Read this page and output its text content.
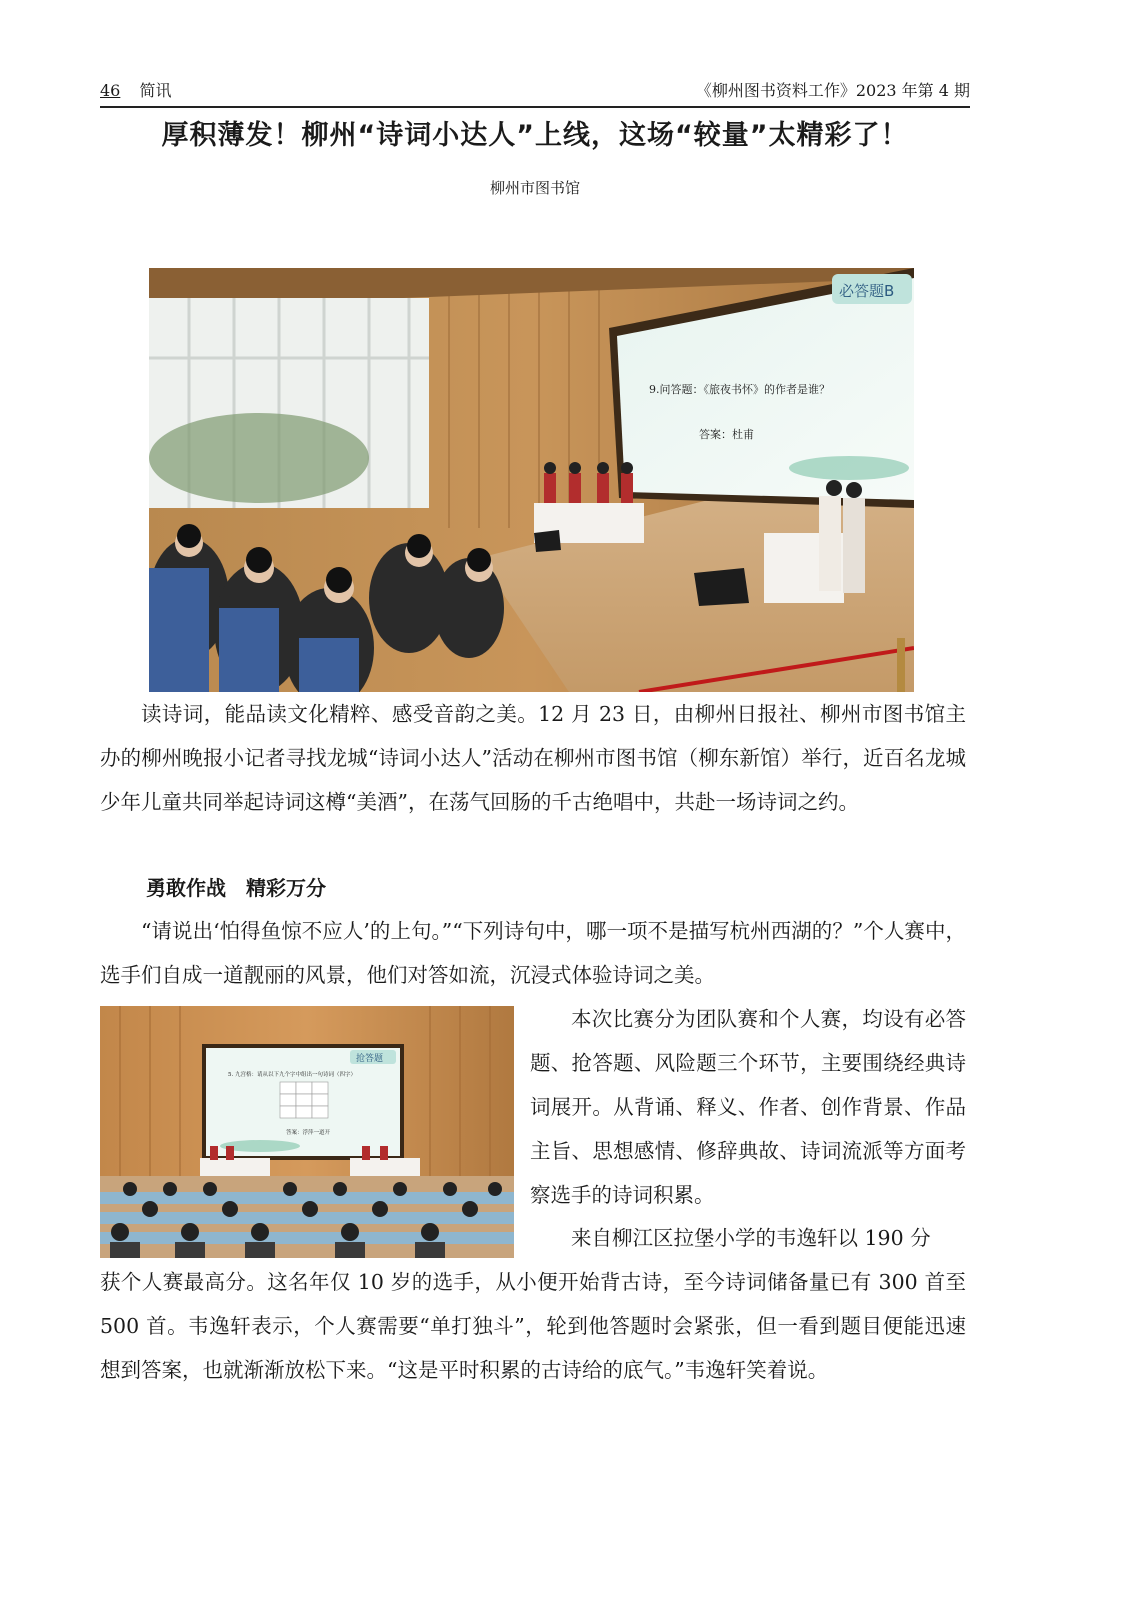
46 简讯	《柳州图书资料工作》2023 年第 4 期
厚积薄发！柳州“诗词小达人”上线，这场“较量”太精彩了！
柳州市图书馆
必答题B
9.问答题：《旅夜书怀》的作者是谁？
答案：杜甫
读诗词，能品读文化精粹、感受音韵之美。12 月 23 日，由柳州日报社、柳州市图书馆主办的柳州晚报小记者寻找龙城“诗词小达人”活动在柳州市图书馆（柳东新馆）举行，近百名龙城少年儿童共同举起诗词这樽“美酒”，在荡气回肠的千古绝唱中，共赴一场诗词之约。
勇敢作战　精彩万分
“请说出‘怕得鱼惊不应人’的上句。”“下列诗句中，哪一项不是描写杭州西湖的？”个人赛中，选手们自成一道靓丽的风景，他们对答如流，沉浸式体验诗词之美。
抢答题
5. 九宫格：请从以下九个字中组出一句诗词（四字）
答案：浮萍一道开
本次比赛分为团队赛和个人赛，均设有必答题、抢答题、风险题三个环节，主要围绕经典诗词展开。从背诵、释义、作者、创作背景、作品主旨、思想感情、修辞典故、诗词流派等方面考察选手的诗词积累。
来自柳江区拉堡小学的韦逸轩以 190 分
获个人赛最高分。这名年仅 10 岁的选手，从小便开始背古诗，至今诗词储备量已有 300 首至 500 首。韦逸轩表示，个人赛需要“单打独斗”，轮到他答题时会紧张，但一看到题目便能迅速想到答案，也就渐渐放松下来。“这是平时积累的古诗给的底气。”韦逸轩笑着说。
